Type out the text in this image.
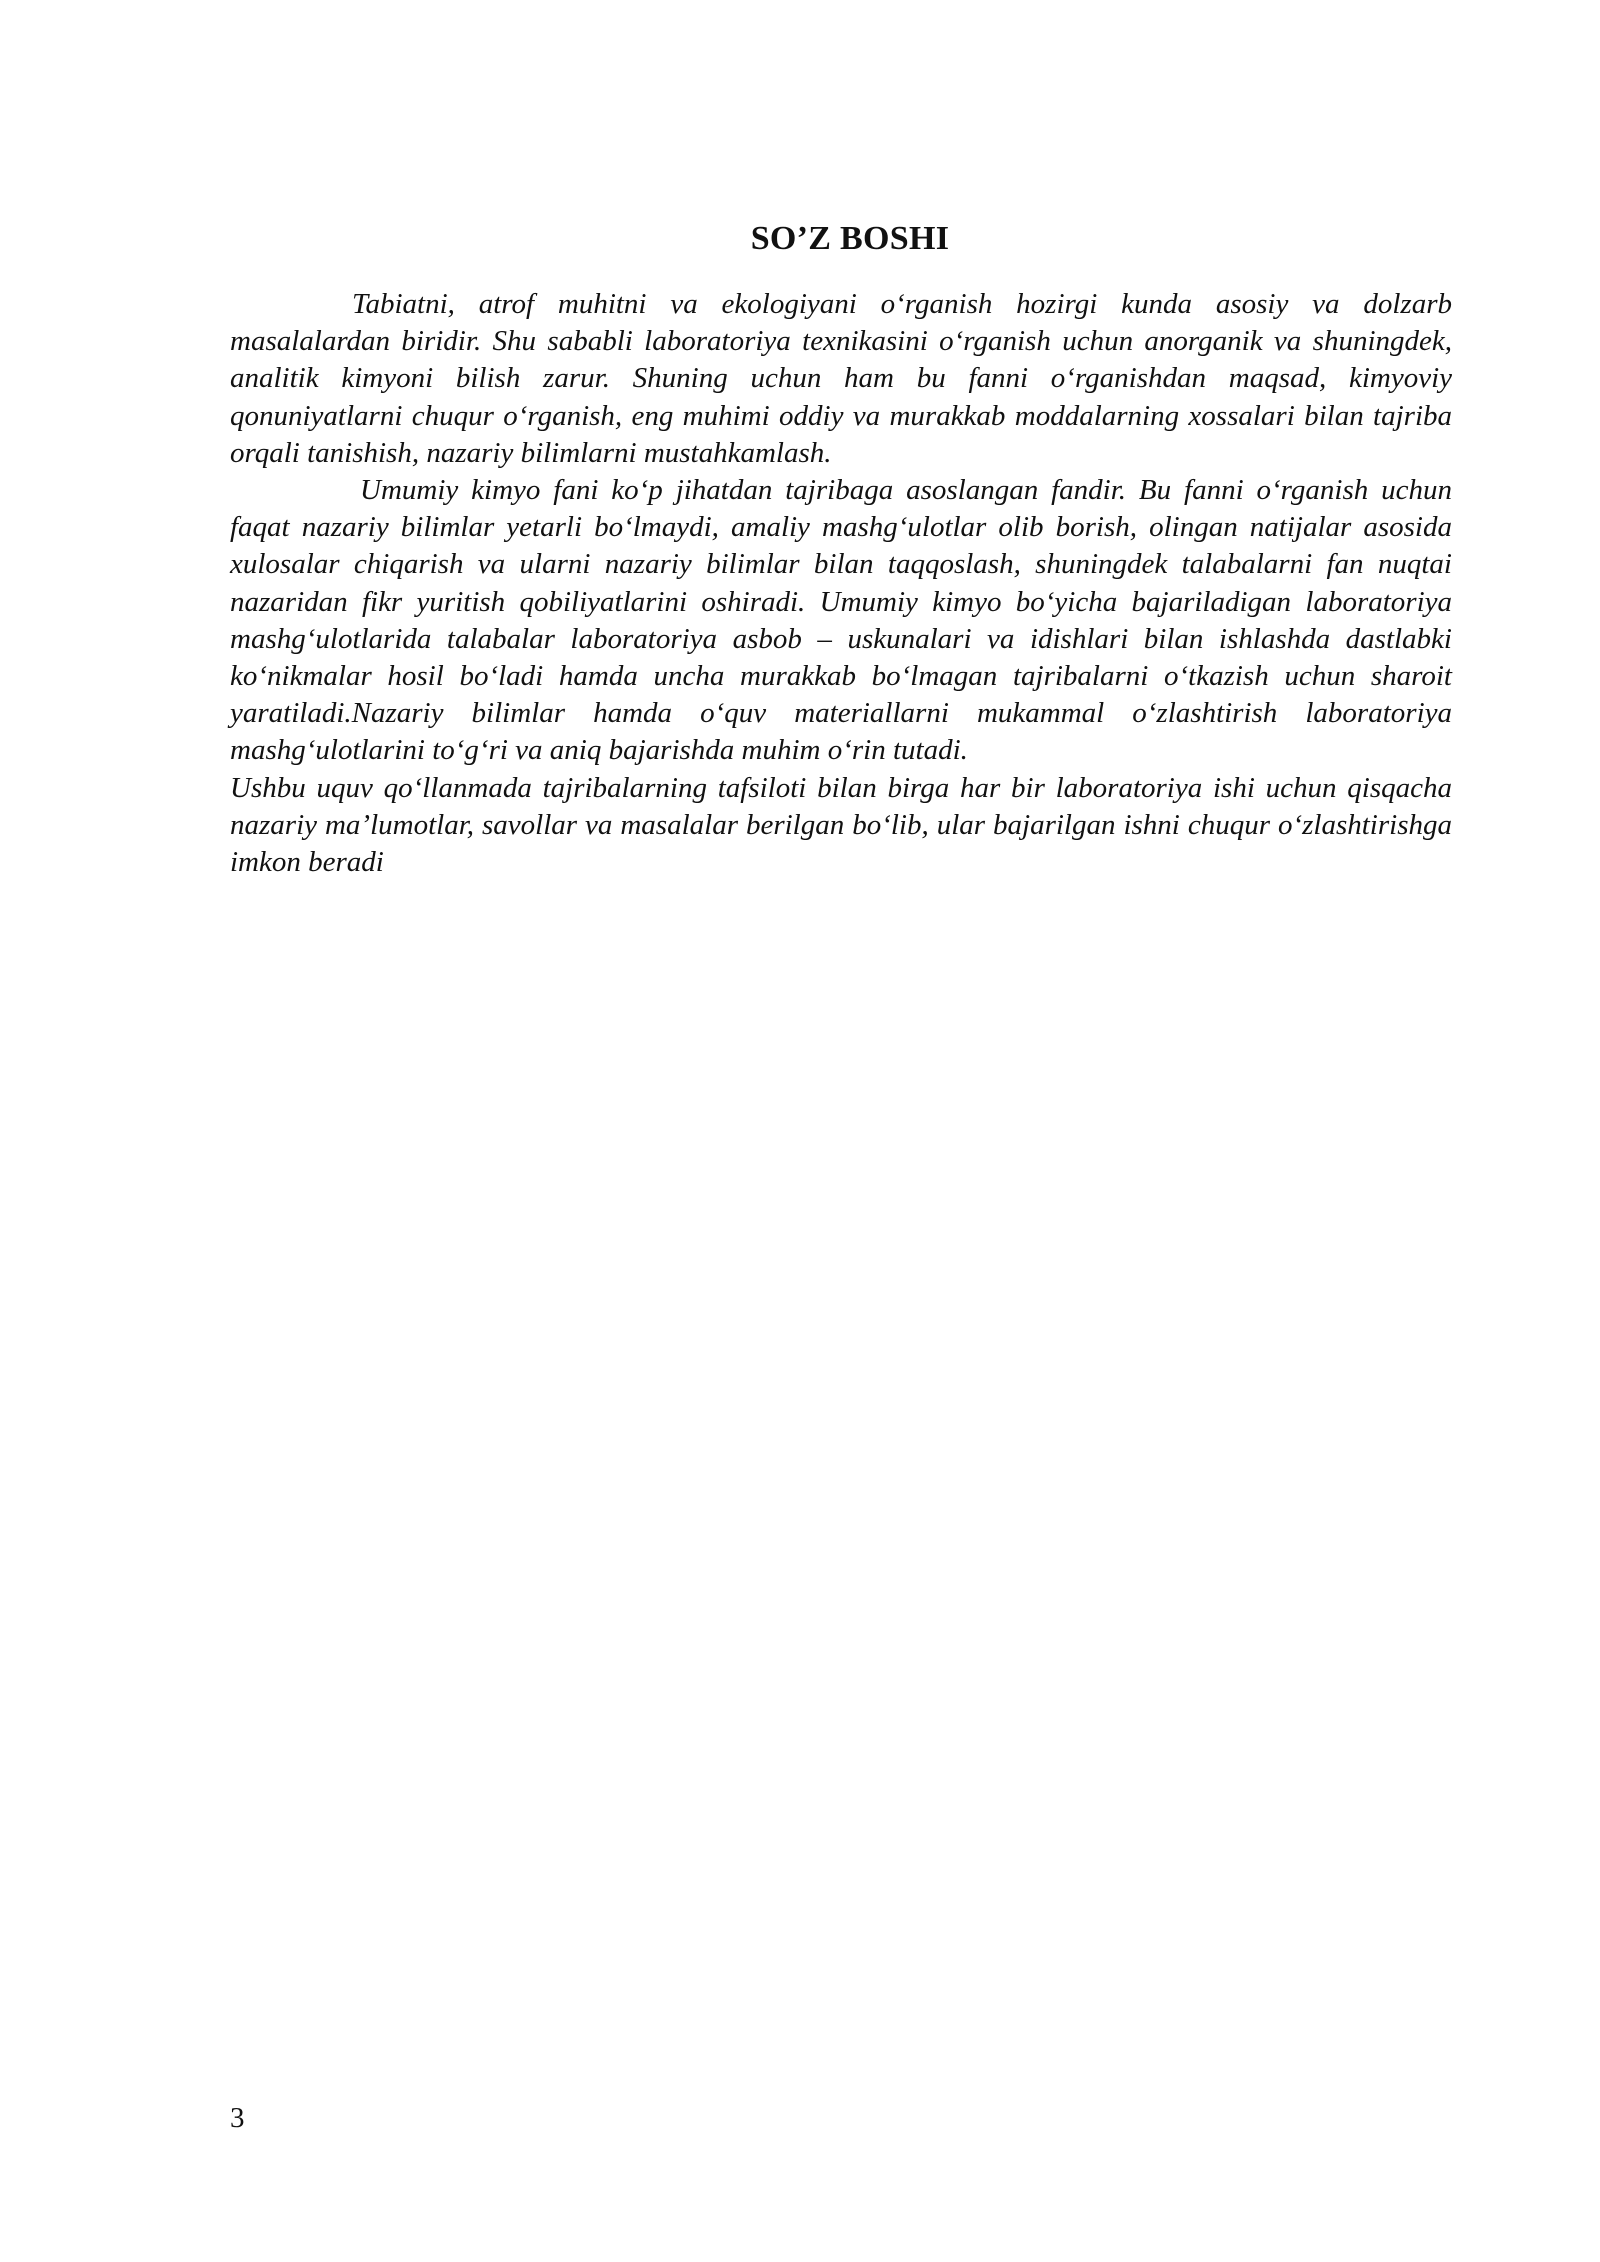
SO’Z BOSHI

Tabiatni, atrof muhitni va ekologiyani o‘rganish hozirgi kunda asosiy va dolzarb masalalardan biridir. Shu sababli laboratoriya texnikasini o‘rganish uchun anorganik va shuningdek, analitik kimyoni bilish zarur. Shuning uchun ham bu fanni o‘rganishdan maqsad, kimyoviy qonuniyatlarni chuqur o‘rganish, eng muhimi oddiy va murakkab moddalarning xossalari bilan tajriba orqali tanishish, nazariy bilimlarni mustahkamlash.

Umumiy kimyo fani ko‘p jihatdan tajribaga asoslangan fandir. Bu fanni o‘rganish uchun faqat nazariy bilimlar yetarli bo‘lmaydi, amaliy mashg‘ulotlar olib borish, olingan natijalar asosida xulosalar chiqarish va ularni nazariy bilimlar bilan taqqoslash, shuningdek talabalarni fan nuqtai nazaridan fikr yuritish qobiliyatlarini oshiradi. Umumiy kimyo bo‘yicha bajariladigan laboratoriya mashg‘ulotlarida talabalar laboratoriya asbob – uskunalari va idishlari bilan ishlashda dastlabki ko‘nikmalar hosil bo‘ladi hamda uncha murakkab bo‘lmagan tajribalarni o‘tkazish uchun sharoit yaratiladi.Nazariy bilimlar hamda o‘quv materiallarni mukammal o‘zlashtirish laboratoriya mashg‘ulotlarini to‘g‘ri va aniq bajarishda muhim o‘rin tutadi.

Ushbu uquv qo‘llanmada tajribalarning tafsiloti bilan birga har bir laboratoriya ishi uchun qisqacha nazariy ma’lumotlar, savollar va masalalar berilgan bo‘lib, ular bajarilgan ishni chuqur o‘zlashtirishga imkon beradi

3
